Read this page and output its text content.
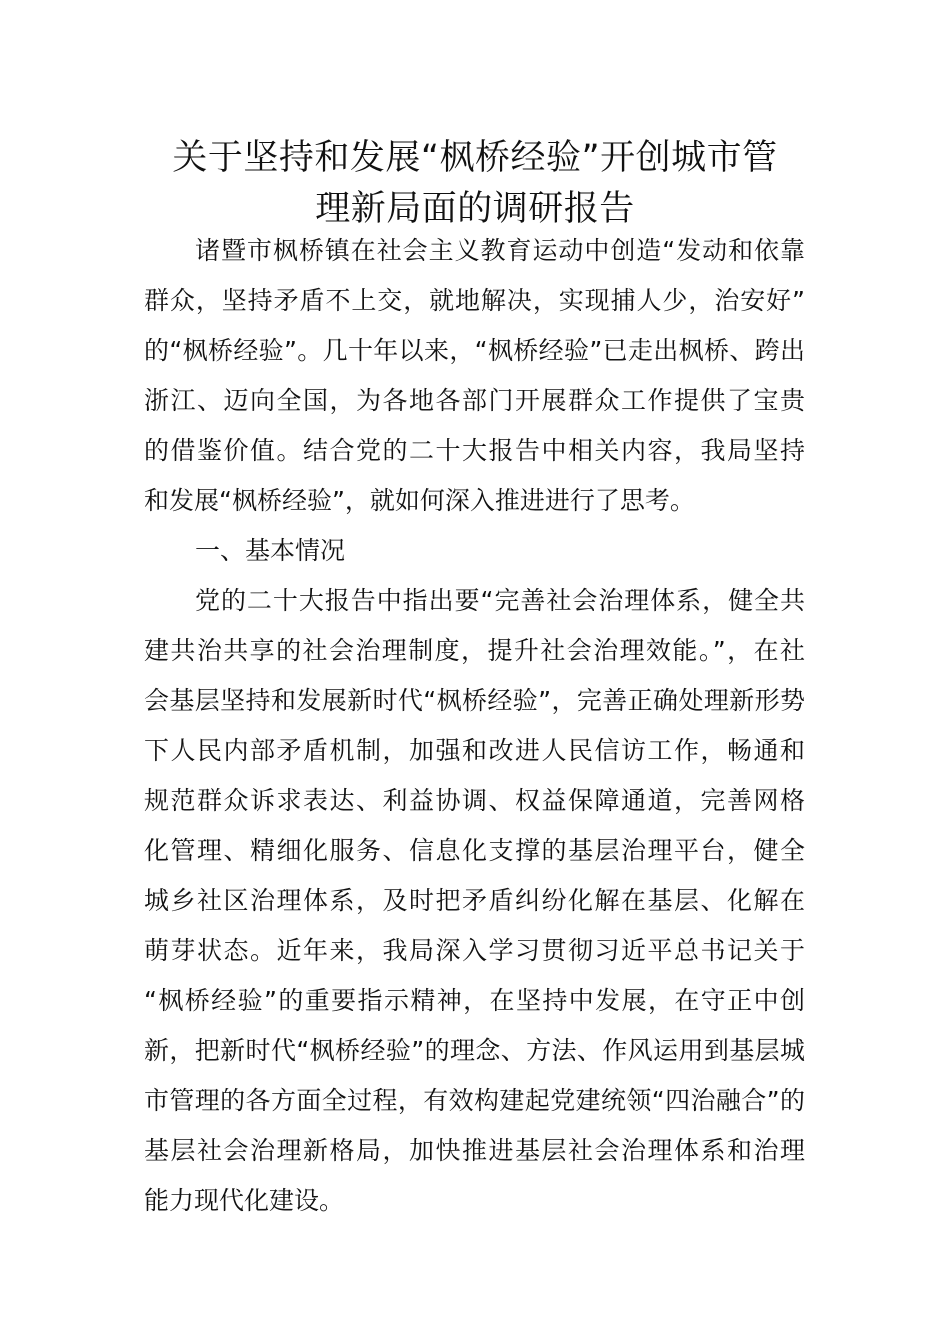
关于坚持和发展“枫桥经验”开创城市管
理新局面的调研报告
诸暨市枫桥镇在社会主义教育运动中创造“发动和依靠
群众，坚持矛盾不上交，就地解决，实现捕人少，治安好”
的“枫桥经验”。几十年以来，“枫桥经验”已走出枫桥、跨出
浙江、迈向全国，为各地各部门开展群众工作提供了宝贵
的借鉴价值。结合党的二十大报告中相关内容，我局坚持
和发展“枫桥经验”，就如何深入推进进行了思考。
一、基本情况
党的二十大报告中指出要“完善社会治理体系，健全共
建共治共享的社会治理制度，提升社会治理效能。”，在社
会基层坚持和发展新时代“枫桥经验”，完善正确处理新形势
下人民内部矛盾机制，加强和改进人民信访工作，畅通和
规范群众诉求表达、利益协调、权益保障通道，完善网格
化管理、精细化服务、信息化支撑的基层治理平台，健全
城乡社区治理体系，及时把矛盾纠纷化解在基层、化解在
萌芽状态。近年来，我局深入学习贯彻习近平总书记关于
“枫桥经验”的重要指示精神，在坚持中发展，在守正中创
新，把新时代“枫桥经验”的理念、方法、作风运用到基层城
市管理的各方面全过程，有效构建起党建统领“四治融合”的
基层社会治理新格局，加快推进基层社会治理体系和治理
能力现代化建设。
